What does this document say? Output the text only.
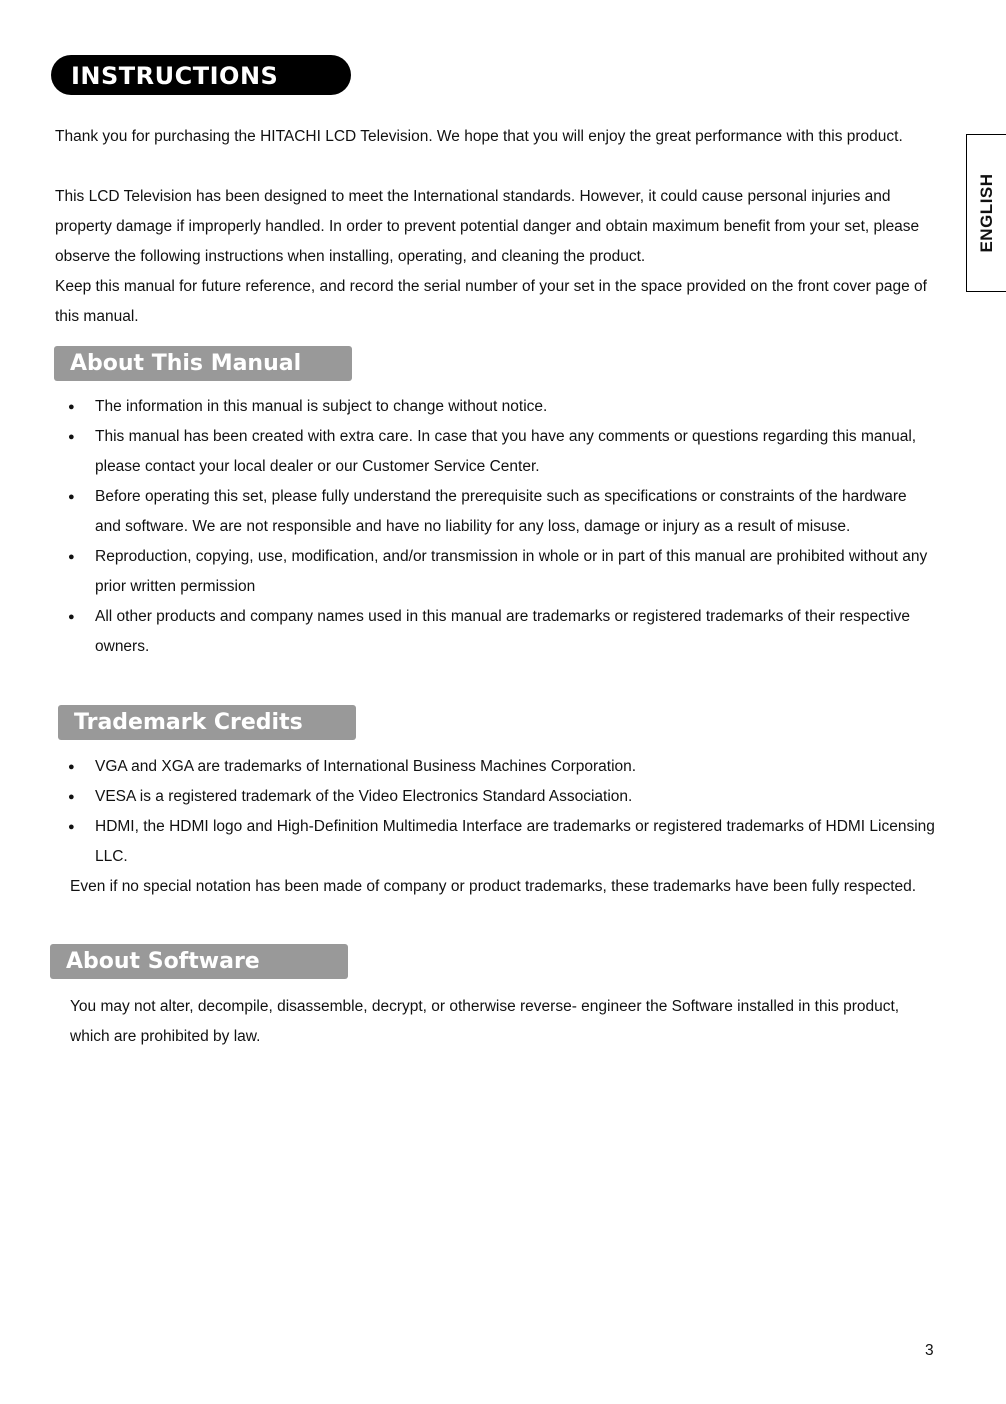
INSTRUCTIONS
ENGLISH

Thank you for purchasing the HITACHI LCD Television. We hope that you will enjoy the great performance with this product.

This LCD Television has been designed to meet the International standards. However, it could cause personal injuries and property damage if improperly handled. In order to prevent potential danger and obtain maximum benefit from your set, please observe the following instructions when installing, operating, and cleaning the product.

Keep this manual for future reference, and record the serial number of your set in the space provided on the front cover page of this manual.

About This Manual
● The information in this manual is subject to change without notice.
● This manual has been created with extra care. In case that you have any comments or questions regarding this manual, please contact your local dealer or our Customer Service Center.
● Before operating this set, please fully understand the prerequisite such as specifications or constraints of the hardware and software. We are not responsible and have no liability for any loss, damage or injury as a result of misuse.
● Reproduction, copying, use, modification, and/or transmission in whole or in part of this manual are prohibited without any prior written permission
● All other products and company names used in this manual are trademarks or registered trademarks of their respective owners.
Trademark Credits
● VGA and XGA are trademarks of International Business Machines Corporation.
● VESA is a registered trademark of the Video Electronics Standard Association.
● HDMI, the HDMI logo and High-Definition Multimedia Interface are trademarks or registered trademarks of HDMI Licensing LLC.

Even if no special notation has been made of company or product trademarks, these trademarks have been fully respected.

About Software

You may not alter, decompile, disassemble, decrypt, or otherwise reverse- engineer the Software installed in this product, which are prohibited by law.

3
